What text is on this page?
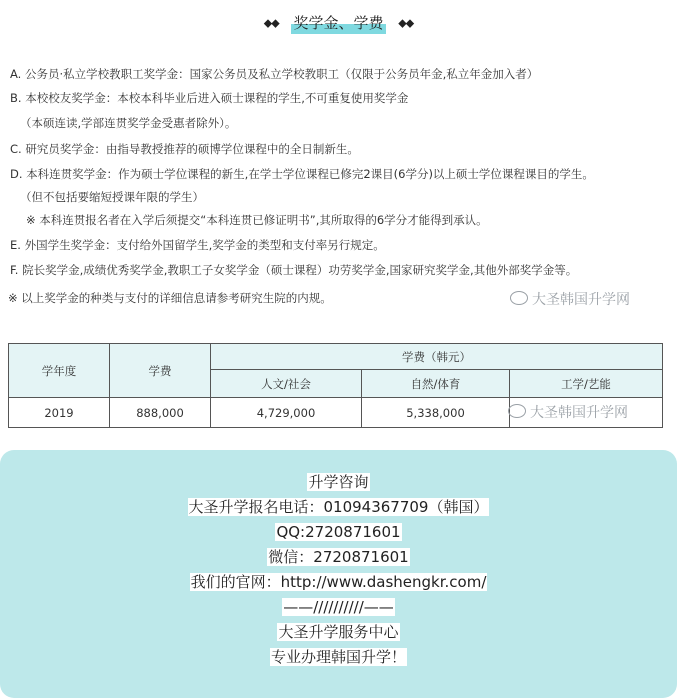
◆◆ 奖学金、学费 ◆◆
A. 公务员·私立学校教职工奖学金：国家公务员及私立学校教职工（仅限于公务员年金,私立年金加入者）
B. 本校校友奖学金：本校本科毕业后进入硕士课程的学生,不可重复使用奖学金
（本硕连读,学部连贯奖学金受惠者除外）。
C. 研究员奖学金：由指导教授推荐的硕博学位课程中的全日制新生。
D. 本科连贯奖学金：作为硕士学位课程的新生,在学士学位课程已修完2课目(6学分)以上硕士学位课程课目的学生。
（但不包括要缩短授课年限的学生）
※ 本科连贯报名者在入学后须提交“本科连贯已修证明书”,其所取得的6学分才能得到承认。
E. 外国学生奖学金：支付给外国留学生,奖学金的类型和支付率另行规定。
F. 院长奖学金,成绩优秀奖学金,教职工子女奖学金（硕士课程）功劳奖学金,国家研究奖学金,其他外部奖学金等。
※ 以上奖学金的种类与支付的详细信息请参考研究生院的内规。	大圣韩国升学网
学年度	学费	学费（韩元）		
		人文/社会	自然/体育	工学/艺能
2019	888,000	4,729,000	5,338,000		大圣韩国升学网
升学咨询
大圣升学报名电话：01094367709（韩国）
QQ:2720871601
微信：2720871601
我们的官网：http://www.dashengkr.com/
——//////////——
大圣升学服务中心
专业办理韩国升学！
